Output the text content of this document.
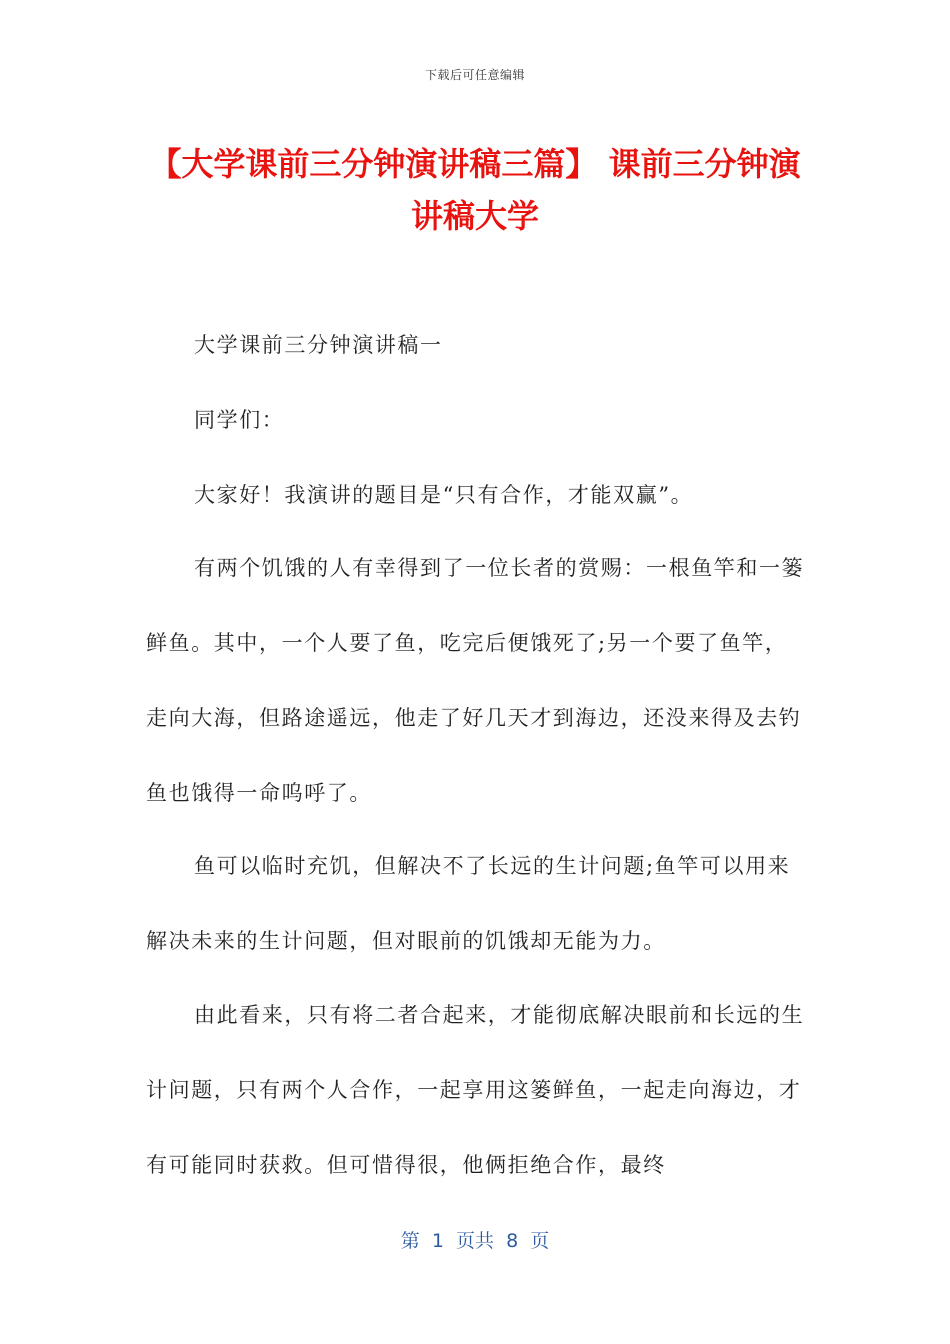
下载后可任意编辑
【大学课前三分钟演讲稿三篇】 课前三分钟演讲稿大学

大学课前三分钟演讲稿一

同学们：

大家好！我演讲的题目是“只有合作，才能双赢”。

有两个饥饿的人有幸得到了一位长者的赏赐：一根鱼竿和一篓鲜鱼。其中，一个人要了鱼，吃完后便饿死了;另一个要了鱼竿，走向大海，但路途遥远，他走了好几天才到海边，还没来得及去钓鱼也饿得一命呜呼了。

鱼可以临时充饥，但解决不了长远的生计问题;鱼竿可以用来解决未来的生计问题，但对眼前的饥饿却无能为力。

由此看来，只有将二者合起来，才能彻底解决眼前和长远的生计问题，只有两个人合作，一起享用这篓鲜鱼，一起走向海边，才有可能同时获救。但可惜得很，他俩拒绝合作，最终

第  1  页共  8  页
